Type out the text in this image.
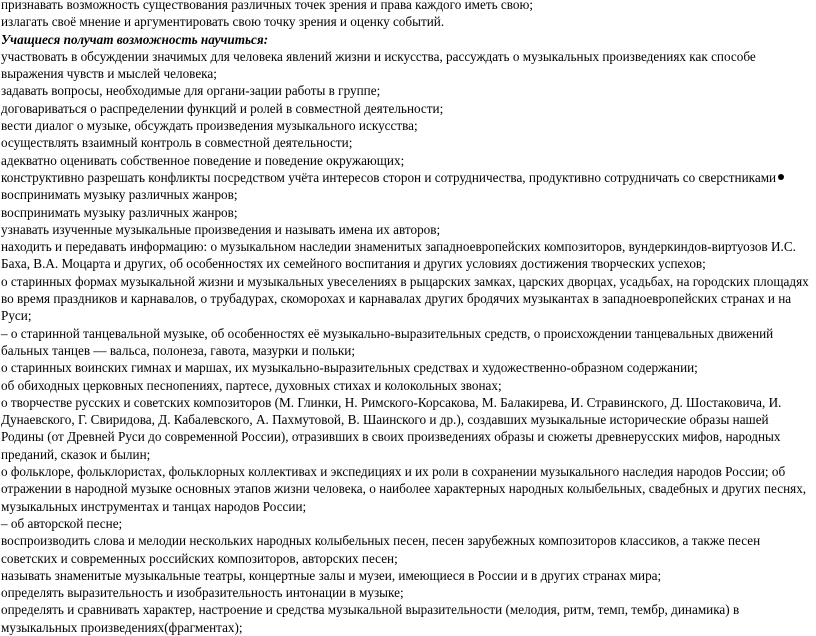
признавать возможность существования различных точек зрения и права каждого иметь свою;

излагать своё мнение и аргументировать свою точку зрения и оценку событий.

Учащиеся получат возможность научиться:

участвовать в обсуждении значимых для человека явлений жизни и искусства, рассуждать о музыкальных произведениях как способе выражения чувств и мыслей человека;

задавать вопросы, необходимые для органи-зации работы в группе;

договариваться о распределении функций и ролей в совместной деятельности;

вести диалог о музыке, обсуждать произведения музыкального искусства;

осуществлять взаимный контроль в совместной деятельности;

адекватно оценивать собственное поведение и поведение окружающих;

конструктивно разрешать конфликты посредством учёта интересов сторон и сотрудничества, продуктивно сотрудничать со сверстниками воспринимать музыку различных жанров;

воспринимать музыку различных жанров;

узнавать изученные музыкальные произведения и называть имена их авторов;

находить и передавать информацию: о музыкальном наследии знаменитых западноевропейских композиторов, вундеркиндов-виртуозов И.С. Баха, В.А. Моцарта и других, об особенностях их семейного воспитания и других условиях достижения творческих успехов;

о старинных формах музыкальной жизни и музыкальных увеселениях в рыцарских замках, царских дворцах, усадьбах, на городских площадях во время праздников и карнавалов, о трубадурах, скоморохах и карнавалах других бродячих музыкантах в западноевропейских странах и на Руси;

– о старинной танцевальной музыке, об особенностях её музыкально-выразительных средств, о происхождении танцевальных движений бальных танцев — вальса, полонеза, гавота, мазурки и польки;

о старинных воинских гимнах и маршах, их музыкально-выразительных средствах и художественно-образном содержании;

об обиходных церковных песнопениях, партесе, духовных стихах и колокольных звонах;

о творчестве русских и советских композиторов (М. Глинки, Н. Римского-Корсакова, М. Балакирева, И. Стравинского, Д. Шостаковича, И. Дунаевского, Г. Свиридова, Д. Кабалевского, А. Пахмутовой, В. Шаинского и др.), создавших музыкальные исторические образы нашей Родины (от Древней Руси до современной России), отразивших в своих произведениях образы и сюжеты древнерусских мифов, народных преданий, сказок и былин;

о фольклоре, фольклористах, фольклорных коллективах и экспедициях и их роли в сохранении музыкального наследия народов России; об отражении в народной музыке основных этапов жизни человека, о наиболее характерных народных колыбельных, свадебных и других песнях, музыкальных инструментах и танцах народов России;

– об авторской песне;

воспроизводить слова и мелодии нескольких народных колыбельных песен, песен зарубежных композиторов классиков, а также песен советских и современных российских композиторов, авторских песен;

называть знаменитые музыкальные театры, концертные залы и музеи, имеющиеся в России и в других странах мира;

определять выразительность и изобразительность интонации в музыке;

определять и сравнивать характер, настроение и средства музыкальной выразительности (мелодия, ритм, темп, тембр, динамика) в музыкальных произведениях(фрагментах);
